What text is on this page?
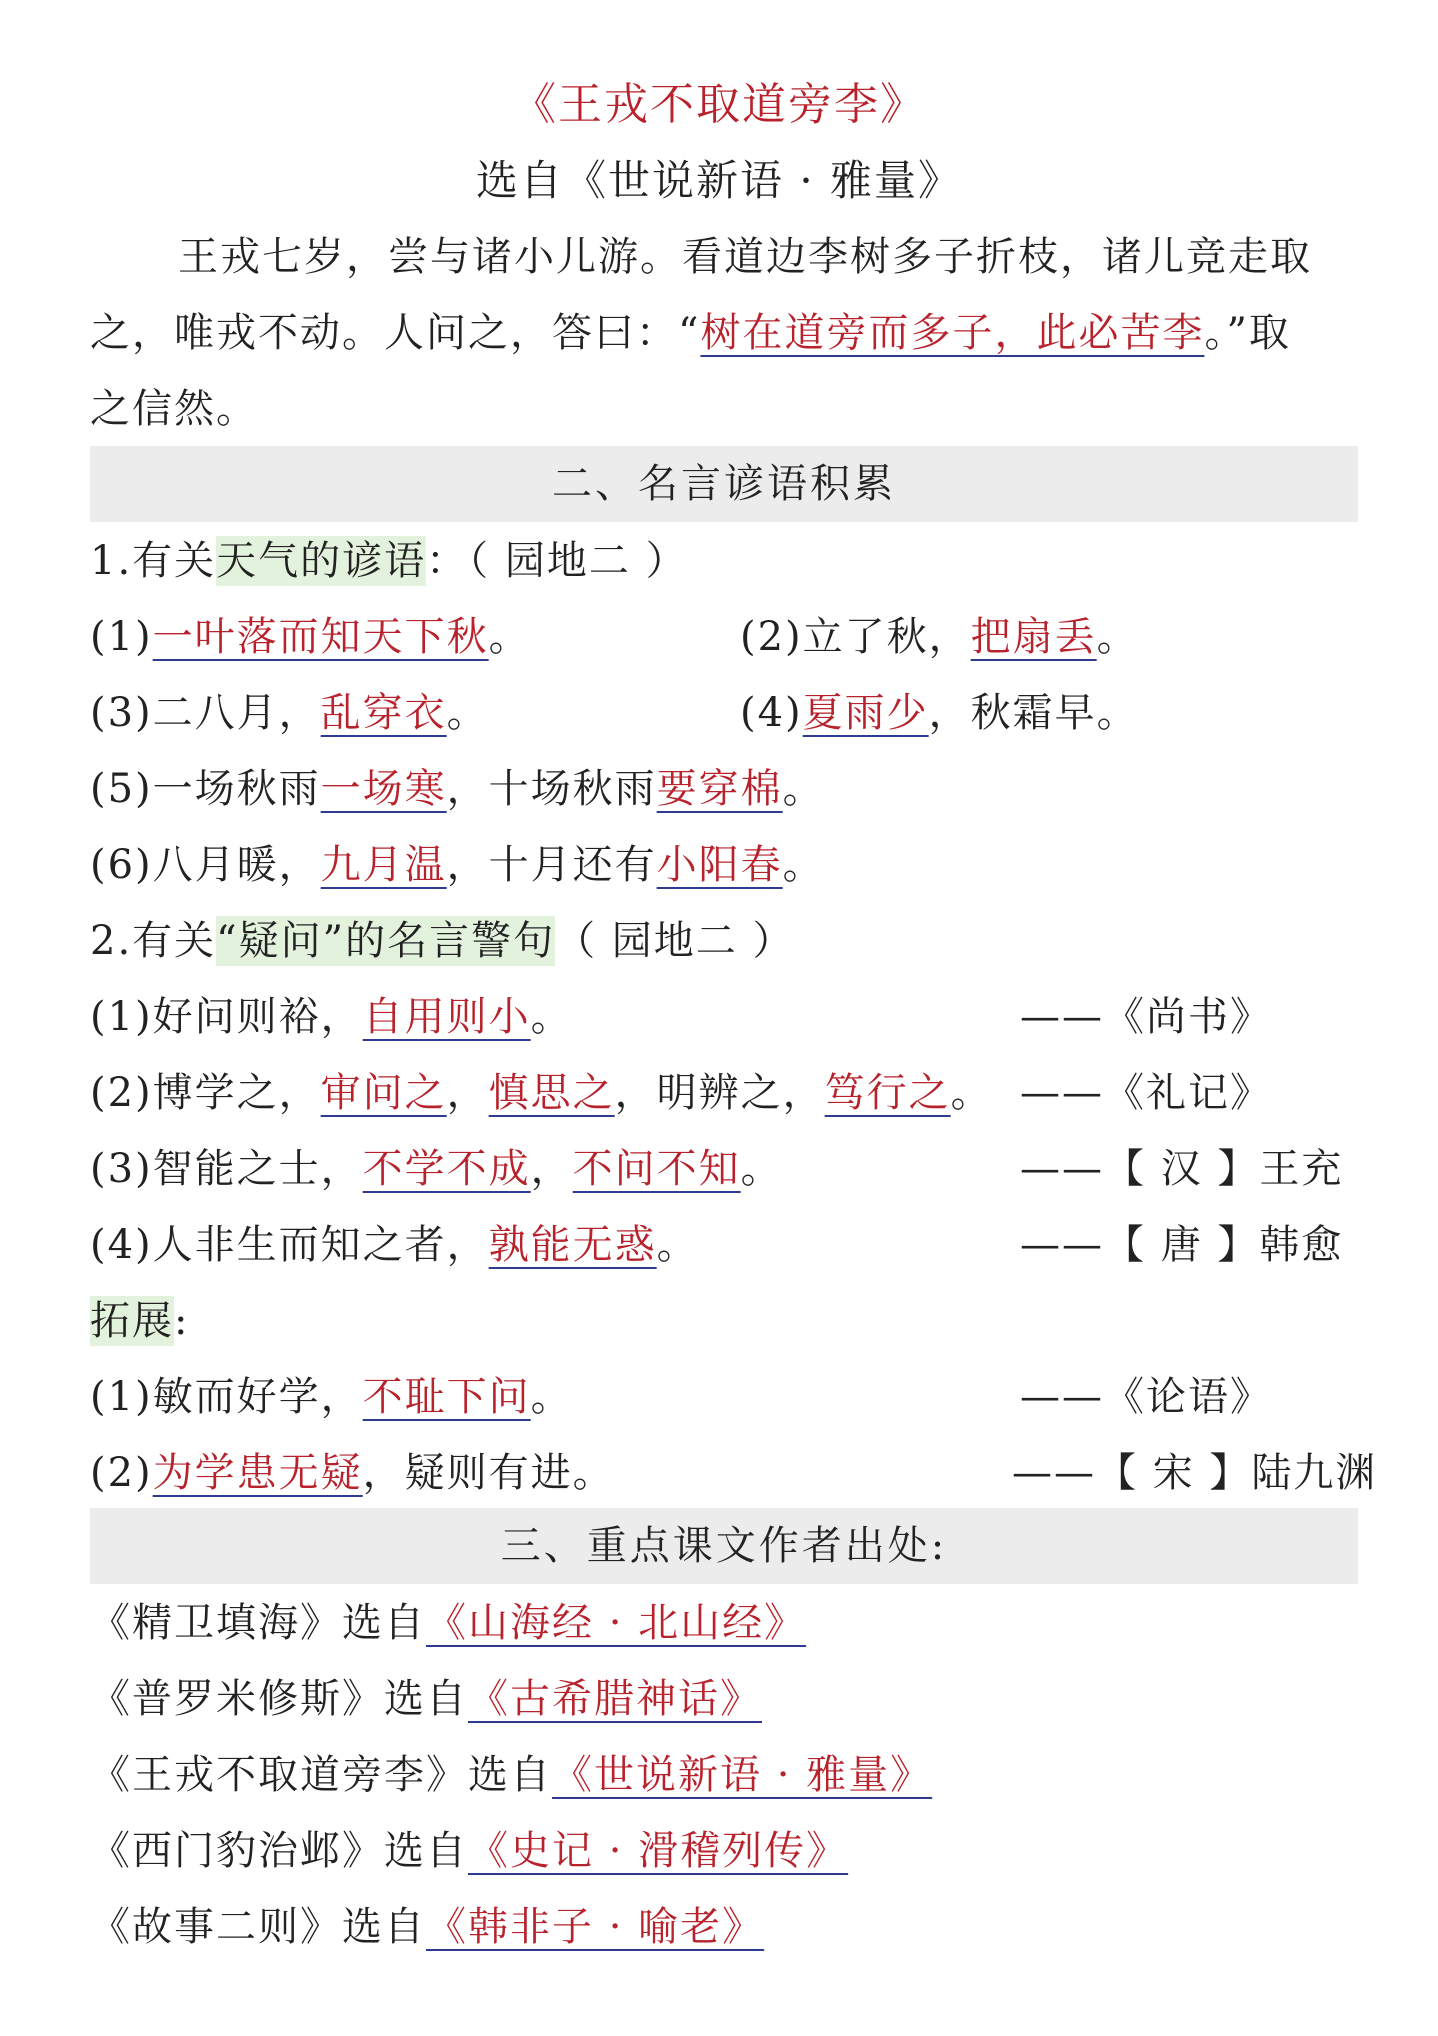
《王戎不取道旁李》
选自《世说新语 · 雅量》
王戎七岁，尝与诸小儿游。看道边李树多子折枝，诸儿竞走取
之，唯戎不动。人问之，答曰：“树在道旁而多子，此必苦李。”取
之信然。
二、名言谚语积累
1.有关天气的谚语：（ 园地二 ）
(1)一叶落而知天下秋。	(2)立了秋，把扇丢。
(3)二八月，乱穿衣。	(4)夏雨少，秋霜早。
(5)一场秋雨一场寒，十场秋雨要穿棉。
(6)八月暖，九月温，十月还有小阳春。
2.有关“疑问”的名言警句（ 园地二 ）
(1)好问则裕，自用则小。	——《尚书》
(2)博学之，审问之，慎思之，明辨之，笃行之。 ——《礼记》
(3)智能之士，不学不成，不问不知。	——【 汉 】王充
(4)人非生而知之者，孰能无惑。	——【 唐 】韩愈
拓展:
(1)敏而好学，不耻下问。	——《论语》
(2)为学患无疑，疑则有进。	——【 宋 】陆九渊
三、重点课文作者出处:
《精卫填海》选自《山海经 · 北山经》
《普罗米修斯》选自《古希腊神话》
《王戎不取道旁李》选自《世说新语 · 雅量》
《西门豹治邺》选自《史记 · 滑稽列传》
《故事二则》选自《韩非子 · 喻老》
